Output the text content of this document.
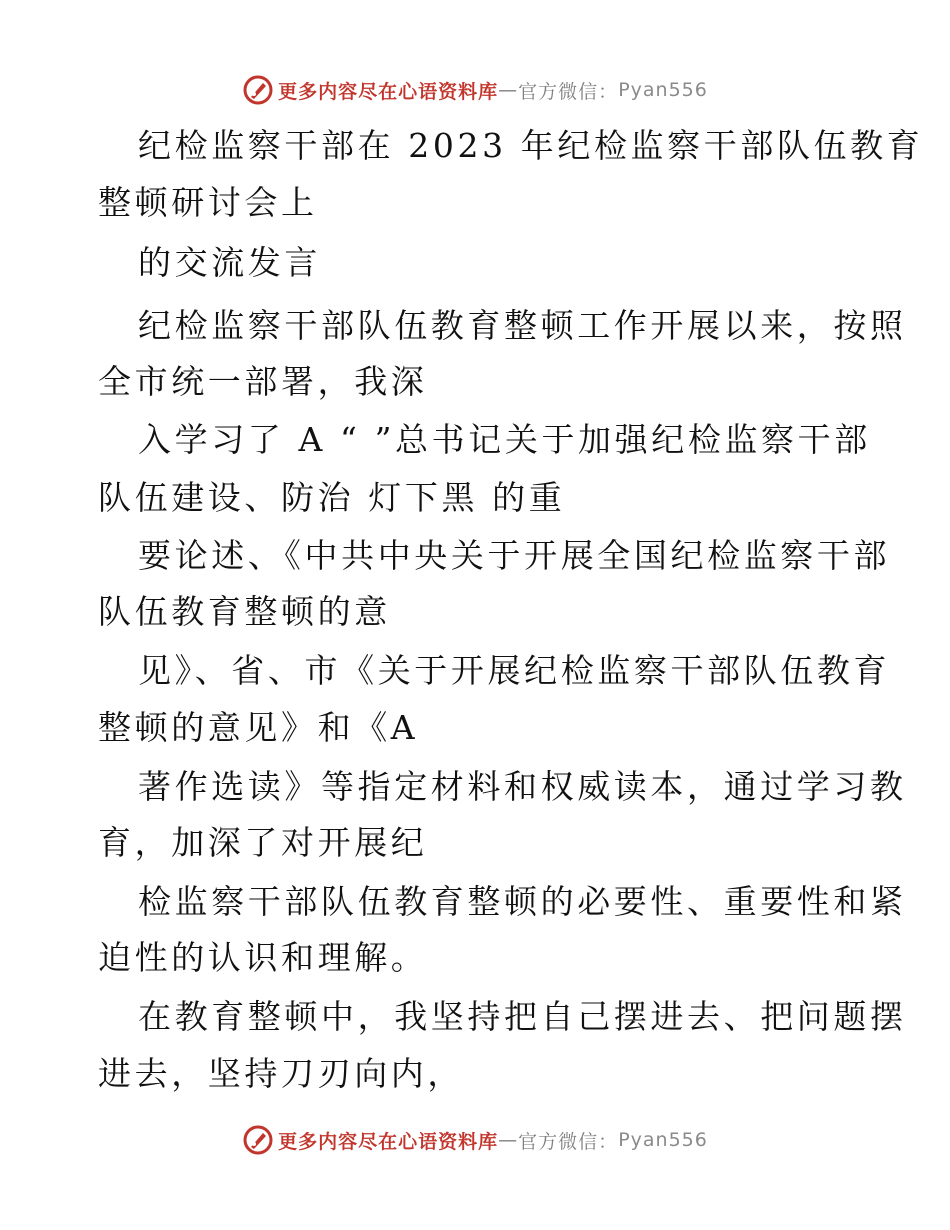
更多内容尽在心语资料库 — 官方微信： Pyan556
纪检监察干部在 2023 年纪检监察干部队伍教育
整顿研讨会上
的交流发言
纪检监察干部队伍教育整顿工作开展以来，按照
全市统一部署，我深
入学习了 A “ ”总书记关于加强纪检监察干部
队伍建设、防治 灯下黑 的重
要论述、《中共中央关于开展全国纪检监察干部
队伍教育整顿的意
见》、省、市《关于开展纪检监察干部队伍教育
整顿的意见》和《A
著作选读》等指定材料和权威读本，通过学习教
育，加深了对开展纪
检监察干部队伍教育整顿的必要性、重要性和紧
迫性的认识和理解。
在教育整顿中，我坚持把自己摆进去、把问题摆
进去，坚持刀刃向内，
更多内容尽在心语资料库 — 官方微信： Pyan556
